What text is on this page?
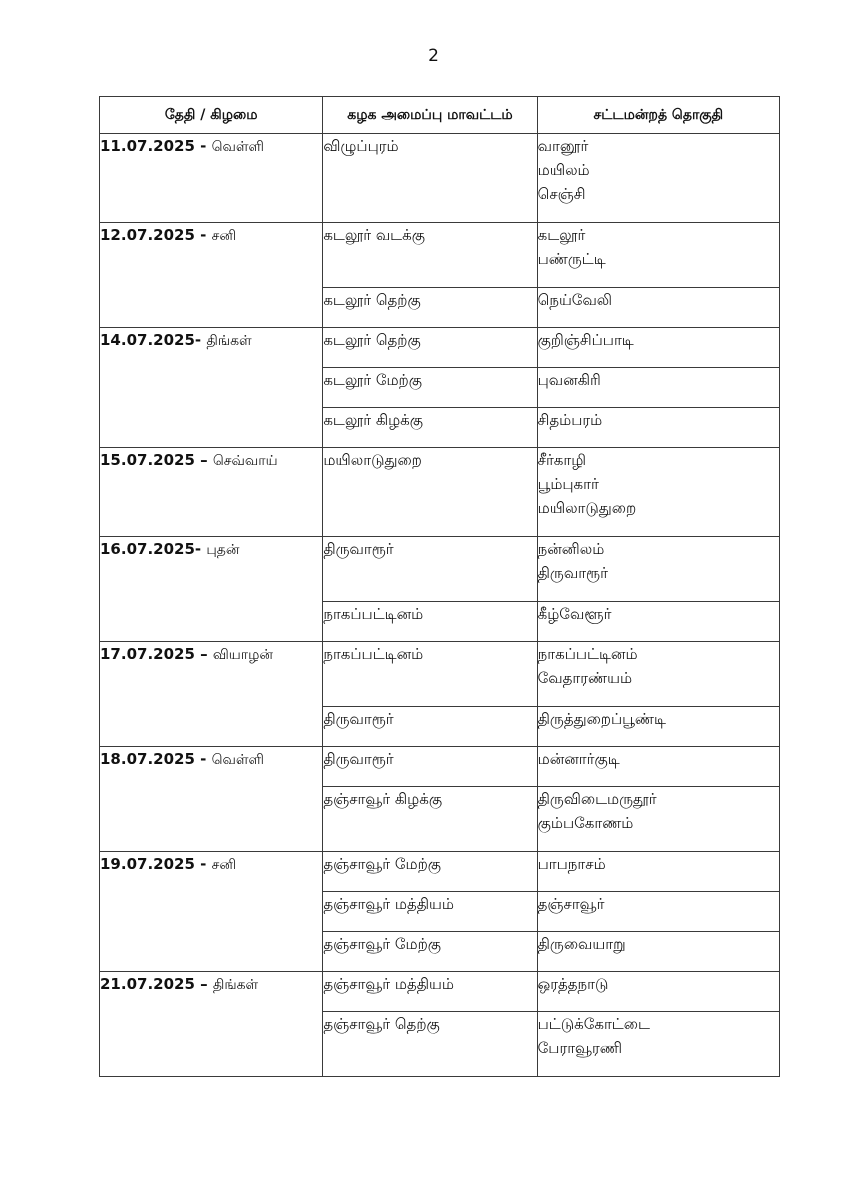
2
தேதி / கிழமை	கழக அமைப்பு மாவட்டம்	சட்டமன்றத் தொகுதி
11.07.2025 - வெள்ளி	விழுப்புரம்	வானூர்
மயிலம்
செஞ்சி

12.07.2025 - சனி	கடலூர் வடக்கு	கடலூர்
பண்ருட்டி

	கடலூர் தெற்கு	நெய்வேலி

14.07.2025- திங்கள்	கடலூர் தெற்கு	குறிஞ்சிப்பாடி

	கடலூர் மேற்கு	புவனகிரி

	கடலூர் கிழக்கு	சிதம்பரம்

15.07.2025 – செவ்வாய்	மயிலாடுதுறை	சீர்காழி
பூம்புகார்
மயிலாடுதுறை

16.07.2025- புதன்	திருவாரூர்	நன்னிலம்
திருவாரூர்

	நாகப்பட்டினம்	கீழ்வேளூர்

17.07.2025 – வியாழன்	நாகப்பட்டினம்	நாகப்பட்டினம்
வேதாரண்யம்

	திருவாரூர்	திருத்துறைப்பூண்டி

18.07.2025 - வெள்ளி	திருவாரூர்	மன்னார்குடி

	தஞ்சாவூர் கிழக்கு	திருவிடைமருதூர்
கும்பகோணம்

19.07.2025 - சனி	தஞ்சாவூர் மேற்கு	பாபநாசம்

	தஞ்சாவூர் மத்தியம்	தஞ்சாவூர்

	தஞ்சாவூர் மேற்கு	திருவையாறு

21.07.2025 – திங்கள்	தஞ்சாவூர் மத்தியம்	ஒரத்தநாடு

	தஞ்சாவூர் தெற்கு	பட்டுக்கோட்டை
பேராவூரணி
